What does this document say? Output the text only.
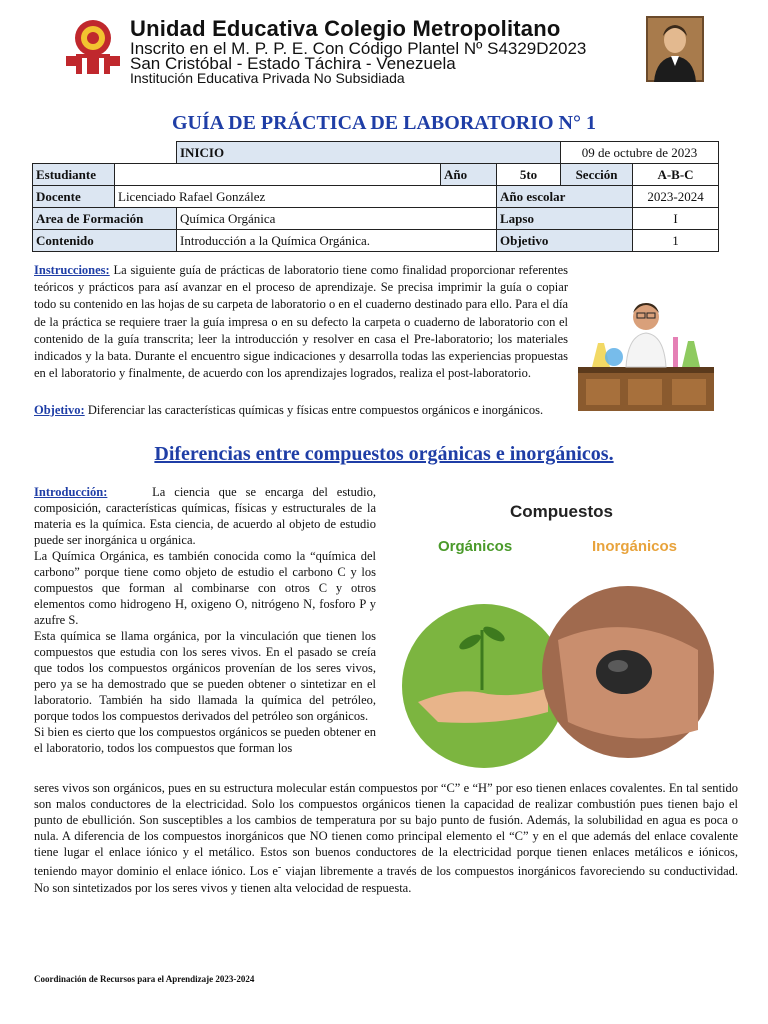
Unidad Educativa Colegio Metropolitano
Inscrito en el M. P. P. E. Con Código Plantel Nº S4329D2023
San Cristóbal - Estado Táchira - Venezuela
Institución Educativa Privada No Subsidiada
GUÍA DE PRÁCTICA DE LABORATORIO N° 1
		INICIO			09 de octubre de 2023	
Estudiante			Año	5to	Sección	A-B-C
Docente	Licenciado Rafael González			Año escolar		2023-2024
Area de Formación		Química Orgánica		Lapso		I
Contenido		Introducción a la Química Orgánica.		Objetivo		1
Instrucciones: La siguiente guía de prácticas de laboratorio tiene como finalidad proporcionar referentes teóricos y prácticos para así avanzar en el proceso de aprendizaje. Se precisa imprimir la guía o copiar todo su contenido en las hojas de su carpeta de laboratorio o en el cuaderno destinado para ello. Para el día de la práctica se requiere traer la guía impresa o en su defecto la carpeta o cuaderno de laboratorio con el contenido de la guía transcrita; leer la introducción y resolver en casa el Pre-laboratorio; los materiales indicados y la bata. Durante el encuentro sigue indicaciones y desarrolla todas las experiencias propuestas en el laboratorio y finalmente, de acuerdo con los aprendizajes logrados, realiza el post-laboratorio.
Objetivo: Diferenciar las características químicas y físicas entre compuestos orgánicos e inorgánicos.
Diferencias entre compuestos orgánicas e inorgánicos.

Introducción:	La ciencia que se encarga del estudio, composición, características químicas, físicas y estructurales de la materia es la química. Esta ciencia, de acuerdo al objeto de estudio puede ser inorgánica u orgánica.

La Química Orgánica, es también conocida como la “química del carbono” porque tiene como objeto de estudio el carbono C y los compuestos que forman al combinarse con otros C y otros elementos como hidrogeno H, oxigeno O, nitrógeno N, fosforo P y azufre S.

Esta química se llama orgánica, por la vinculación que tienen los compuestos que estudia con los seres vivos. En el pasado se creía que todos los compuestos orgánicos provenían de los seres vivos, pero ya se ha demostrado que se pueden obtener o sintetizar en el laboratorio. También ha sido llamada la química del petróleo, porque todos los compuestos derivados del petróleo son orgánicos.

Si bien es cierto que los compuestos orgánicos se pueden obtener en el laboratorio, todos los compuestos que forman los

Compuestos
Orgánicos	Inorgánicos
seres vivos son orgánicos, pues en su estructura molecular están compuestos por “C” e “H” por eso tienen enlaces covalentes. En tal sentido son malos conductores de la electricidad. Solo los compuestos orgánicos tienen la capacidad de realizar combustión pues tienen bajo el punto de ebullición. Son susceptibles a los cambios de temperatura por su bajo punto de fusión. Además, la solubilidad en agua es poca o nula. A diferencia de los compuestos inorgánicos que NO tienen como principal elemento el “C” y en el que además del enlace covalente tiene lugar el enlace iónico y el metálico. Estos son buenos conductores de la electricidad porque tienen enlaces metálicos e iónicos, teniendo mayor dominio el enlace iónico. Los e- viajan libremente a través de los compuestos inorgánicos favoreciendo su conductividad. No son sintetizados por los seres vivos y tienen alta velocidad de respuesta.
Coordinación de Recursos para el Aprendizaje 2023-2024
